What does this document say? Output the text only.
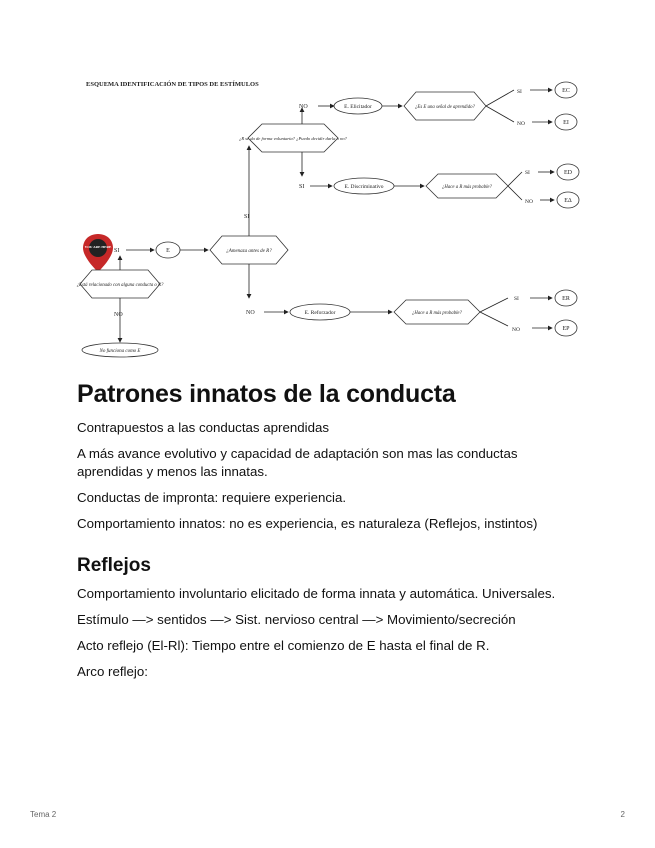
ESQUEMA IDENTIFICACIÓN DE TIPOS DE ESTÍMULOS
YOU ARE HERE
¿Está relacionado con alguna conducta o R?
SI	E	¿Amenaza antes de R?
NO
No funciona como E
SI
¿R se da de forma voluntaria? ¿Puedo decidir darla o no?
NO	E. Elicitador	¿Es E una señal de aprendido?
SI	EC
NO	EI
SI	E. Discriminativo	¿Hace a R más probable?
SI	ED
NO	EΔ
NO	E. Reforzador	¿Hace a R más probable?
SI	ER
NO	EP
Patrones innatos de la conducta

Contrapuestos a las conductas aprendidas

A más avance evolutivo y capacidad de adaptación son mas las conductas aprendidas y menos las innatas.

Conductas de impronta: requiere experiencia.

Comportamiento innatos: no es experiencia, es naturaleza (Reflejos, instintos)

Reflejos

Comportamiento involuntario elicitado de forma innata y automática. Universales.

Estímulo —> sentidos —> Sist. nervioso central —> Movimiento/secreción

Acto reflejo (El-Rl): Tiempo entre el comienzo de E hasta el final de R.

Arco reflejo:

Tema 2	2
